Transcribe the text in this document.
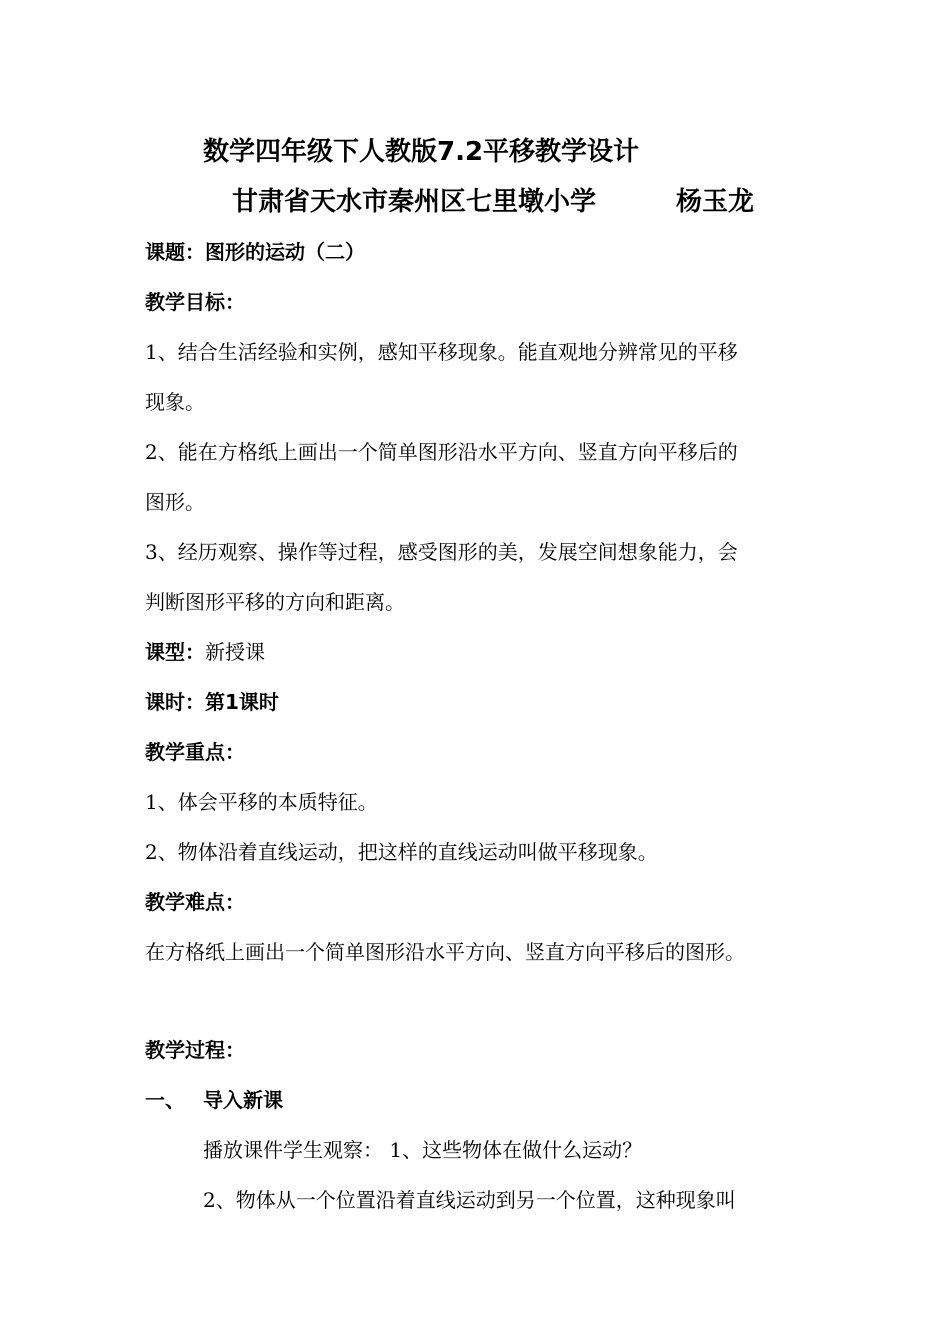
数学四年级下人教版7.2平移教学设计
甘肃省天水市秦州区七里墩小学	杨玉龙
课题：图形的运动（二）
教学目标：
1、结合生活经验和实例，感知平移现象。能直观地分辨常见的平移
现象。
2、能在方格纸上画出一个简单图形沿水平方向、竖直方向平移后的
图形。
3、经历观察、操作等过程，感受图形的美，发展空间想象能力，会
判断图形平移的方向和距离。
课型：新授课
课时：第1课时
教学重点：
1、体会平移的本质特征。
2、物体沿着直线运动，把这样的直线运动叫做平移现象。
教学难点：
在方格纸上画出一个简单图形沿水平方向、竖直方向平移后的图形。
教学过程：
一、 导入新课
播放课件学生观察： 1、这些物体在做什么运动？
2、物体从一个位置沿着直线运动到另一个位置，这种现象叫
